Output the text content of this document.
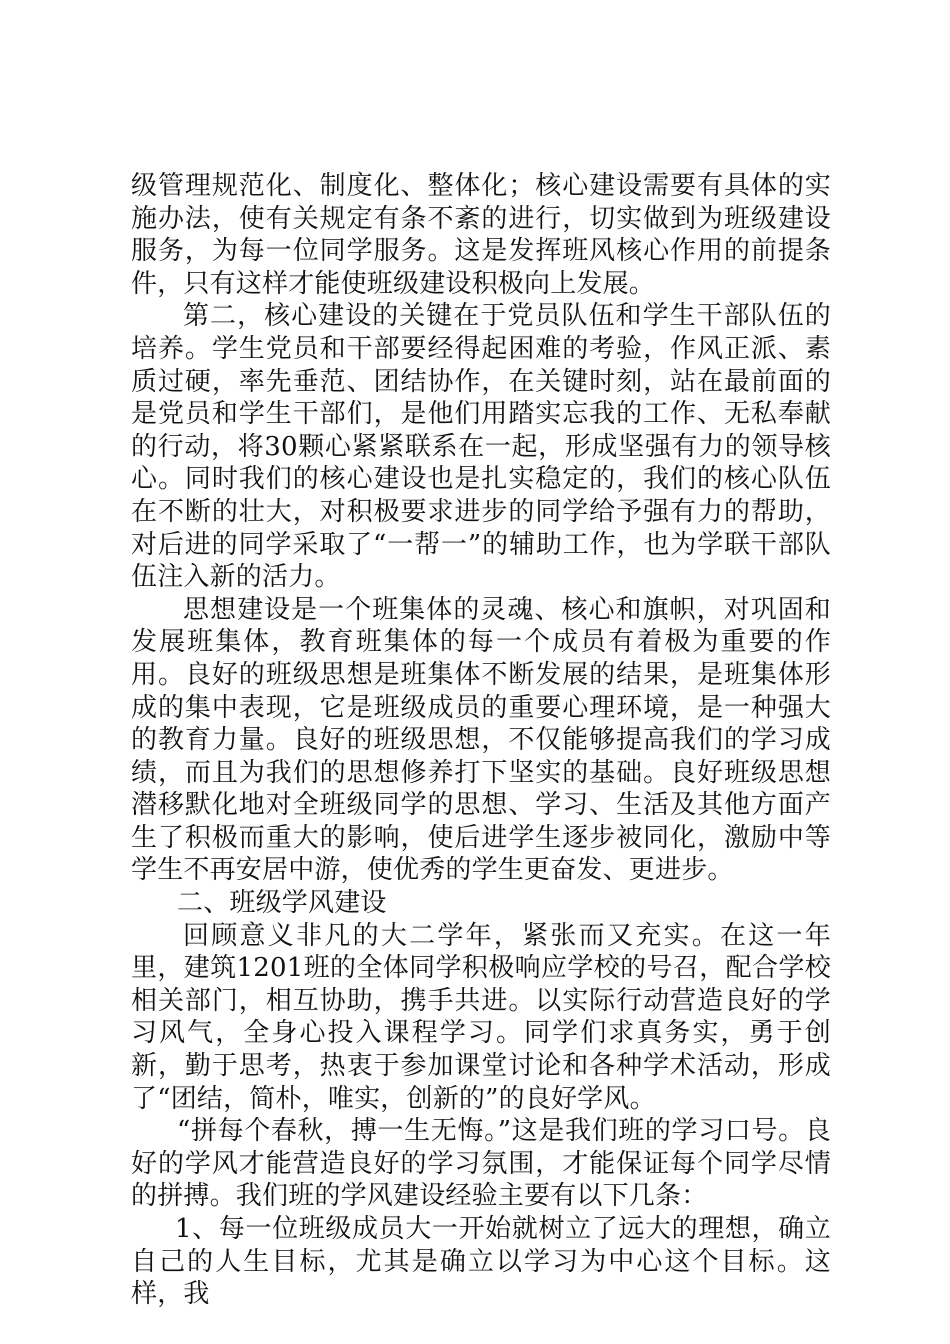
级管理规范化、制度化、整体化；核心建设需要有具体的实施办法，使有关规定有条不紊的进行，切实做到为班级建设服务，为每一位同学服务。这是发挥班风核心作用的前提条件，只有这样才能使班级建设积极向上发展。

第二，核心建设的关键在于党员队伍和学生干部队伍的培养。学生党员和干部要经得起困难的考验，作风正派、素质过硬，率先垂范、团结协作，在关键时刻，站在最前面的是党员和学生干部们，是他们用踏实忘我的工作、无私奉献的行动，将30颗心紧紧联系在一起，形成坚强有力的领导核心。同时我们的核心建设也是扎实稳定的，我们的核心队伍在不断的壮大，对积极要求进步的同学给予强有力的帮助，对后进的同学采取了“一帮一”的辅助工作，也为学联干部队伍注入新的活力。

思想建设是一个班集体的灵魂、核心和旗帜，对巩固和发展班集体，教育班集体的每一个成员有着极为重要的作用。良好的班级思想是班集体不断发展的结果，是班集体形成的集中表现，它是班级成员的重要心理环境，是一种强大的教育力量。良好的班级思想，不仅能够提高我们的学习成绩，而且为我们的思想修养打下坚实的基础。良好班级思想潜移默化地对全班级同学的思想、学习、生活及其他方面产生了积极而重大的影响，使后进学生逐步被同化，激励中等学生不再安居中游，使优秀的学生更奋发、更进步。

二、班级学风建设

回顾意义非凡的大二学年，紧张而又充实。在这一年里，建筑1201班的全体同学积极响应学校的号召，配合学校相关部门，相互协助，携手共进。以实际行动营造良好的学习风气，全身心投入课程学习。同学们求真务实，勇于创新，勤于思考，热衷于参加课堂讨论和各种学术活动，形成了“团结，简朴，唯实，创新的”的良好学风。

“拼每个春秋，搏一生无悔。”这是我们班的学习口号。良好的学风才能营造良好的学习氛围，才能保证每个同学尽情的拼搏。我们班的学风建设经验主要有以下几条：

1、每一位班级成员大一开始就树立了远大的理想，确立自己的人生目标，尤其是确立以学习为中心这个目标。这样，我
